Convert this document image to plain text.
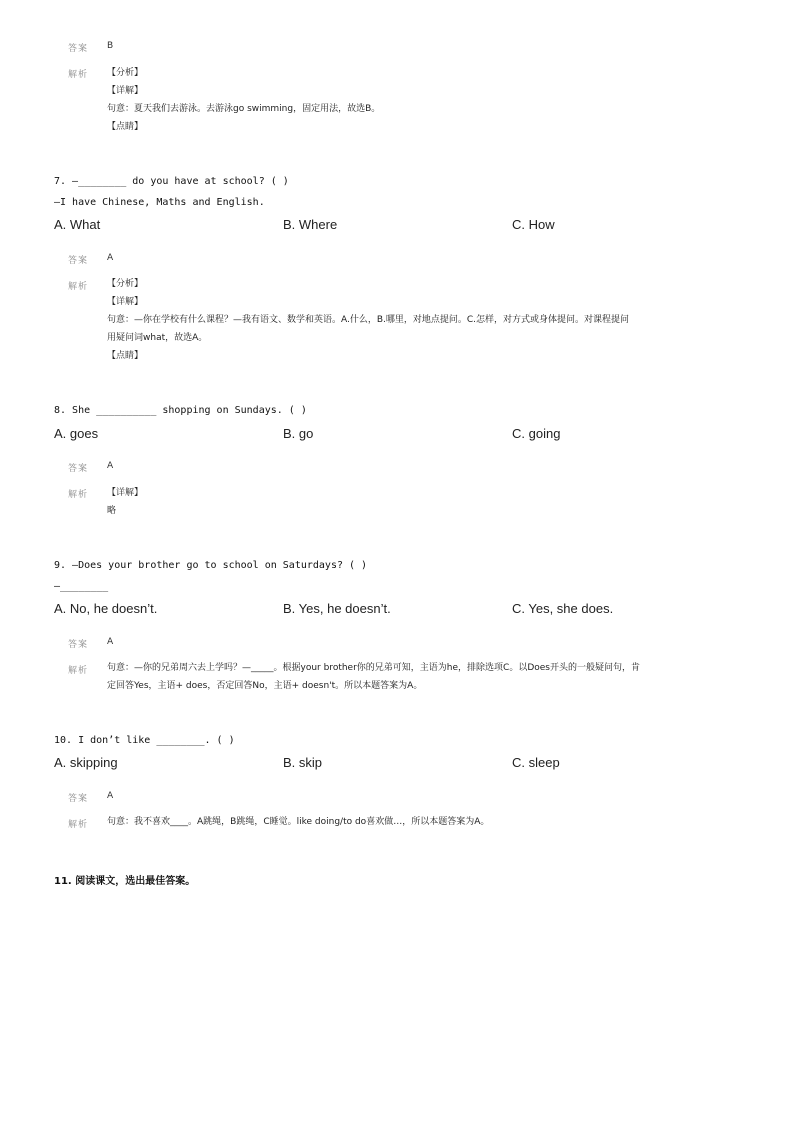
答案 B
解析 【分析】
【详解】
句意：夏天我们去游泳。去游泳go swimming，固定用法，故选B。
【点睛】
7. —________ do you have at school? ( )
—I have Chinese, Maths and English.
A. What	B. Where	C. How
答案 A
解析 【分析】
【详解】
句意：—你在学校有什么课程？—我有语文、数学和英语。A.什么，B.哪里，对地点提问。C.怎样，对方式或身体提问。对课程提问
用疑问词what，故选A。
【点睛】
8. She __________ shopping on Sundays. ( )
A. goes	B. go	C. going
答案 A
解析 【详解】
略
9. —Does your brother go to school on Saturdays? ( )
—________
A. No, he doesn’t.	B. Yes, he doesn’t.	C. Yes, she does.
答案 A
解析 句意：—你的兄弟周六去上学吗？—_____。根据your brother你的兄弟可知，主语为he，排除选项C。以Does开头的一般疑问句，肯
定回答Yes，主语+ does，否定回答No，主语+ doesn't。所以本题答案为A。
10. I don’t like ________. ( )
A. skipping	B. skip	C. sleep
答案 A
解析 句意：我不喜欢____。A跳绳，B跳绳，C睡觉。like doing/to do喜欢做…，所以本题答案为A。
11. 阅读课文，选出最佳答案。
